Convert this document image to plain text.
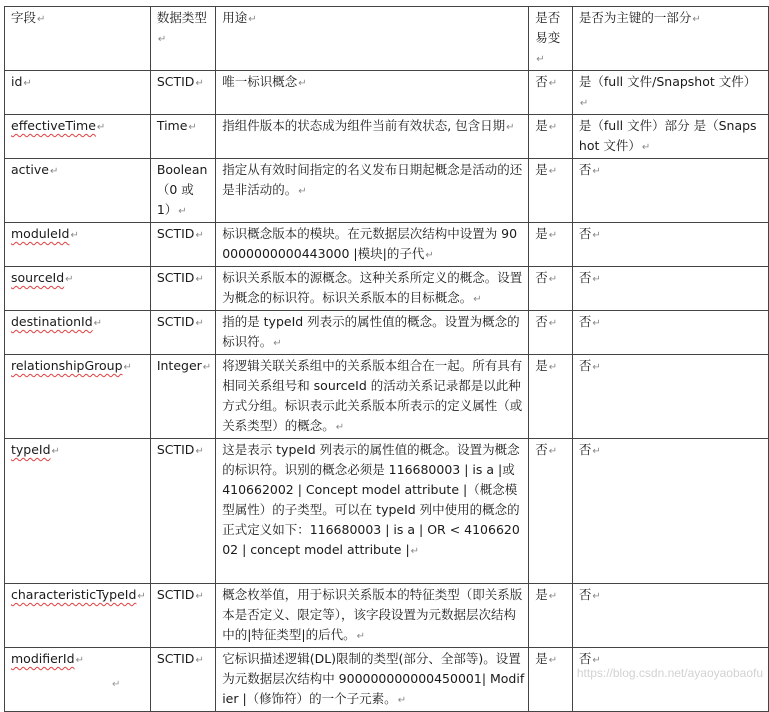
字段↵	数据类型↵	用途↵	是否易变↵	是否为主键的一部分↵
id↵	SCTID↵	唯一标识概念↵	否↵	是（full 文件/Snapshot 文件）↵
effectiveTime↵	Time↵	指组件版本的状态成为组件当前有效状态, 包含日期↵	是↵	是（full 文件）部分 是（Snapshot 文件）↵
active↵	Boolean （0 或 1）↵	指定从有效时间指定的名义发布日期起概念是活动的还是非活动的。↵	是↵	否↵
moduleId↵	SCTID↵	标识概念版本的模块。在元数据层次结构中设置为 900000000000443000 |模块|的子代↵	是↵	否↵
sourceId↵	SCTID↵	标识关系版本的源概念。这种关系所定义的概念。设置为概念的标识符。标识关系版本的目标概念。↵	否↵	否↵
destinationId↵	SCTID↵	指的是 typeId 列表示的属性值的概念。设置为概念的标识符。↵	否↵	否↵
relationshipGroup↵	Integer↵	将逻辑关联关系组中的关系版本组合在一起。所有具有相同关系组号和 sourceId 的活动关系记录都是以此种方式分组。标识表示此关系版本所表示的定义属性（或关系类型）的概念。↵	是↵	否↵
typeId↵	SCTID↵	这是表示 typeId 列表示的属性值的概念。设置为概念的标识符。识别的概念必须是 116680003 | is a |或 410662002 | Concept model attribute |（概念模型属性）的子类型。可以在 typeId 列中使用的概念的正式定义如下：116680003 | is a | OR < 410662002 | concept model attribute |↵	否↵	否↵
characteristicTypeId↵	SCTID↵	概念枚举值，用于标识关系版本的特征类型（即关系版本是否定义、限定等），该字段设置为元数据层次结构中的|特征类型|的后代。↵	是↵	否↵
modifierId↵	SCTID↵	它标识描述逻辑(DL)限制的类型(部分、全部等)。设置为元数据层次结构中 900000000000450001| Modifier |（修饰符）的一个子元素。↵	是↵	否↵
https://blog.csdn.net/ayaoyaobaofu
↵
